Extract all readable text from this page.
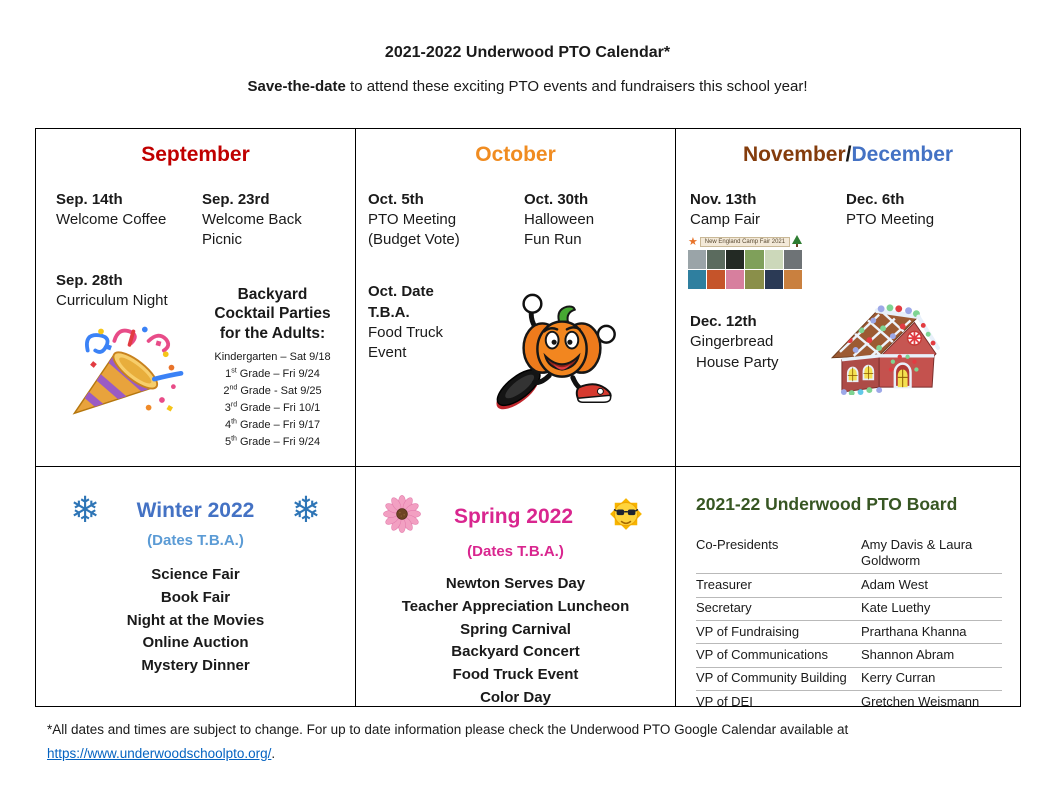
2021-2022 Underwood PTO Calendar*
Save-the-date to attend these exciting PTO events and fundraisers this school year!
September
Sep. 14th
Welcome Coffee
Sep. 28th
Curriculum Night
Sep. 23rd
Welcome Back
Picnic
Backyard
Cocktail Parties
for the Adults:
Kindergarten – Sat 9/18
1st Grade – Fri 9/24
2nd Grade - Sat 9/25
3rd Grade – Fri 10/1
4th Grade – Fri 9/17
5th Grade – Fri 9/24
October
Oct. 5th
PTO Meeting
(Budget Vote)
Oct. Date
T.B.A.
Food Truck
Event
Oct. 30th
Halloween
Fun Run
November/December
Nov. 13th
Camp Fair
★	New England Camp Fair 2021
Dec. 12th
Gingerbread
House Party
Dec. 6th
PTO Meeting
❄ Winter 2022 ❄
(Dates T.B.A.)
Science Fair
Book Fair
Night at the Movies
Online Auction
Mystery Dinner
Spring 2022
(Dates T.B.A.)
Newton Serves Day
Teacher Appreciation Luncheon
Spring Carnival
Backyard Concert
Food Truck Event
Color Day
2021-22 Underwood PTO Board
Co-Presidents	Amy Davis & Laura Goldworm
Treasurer	Adam West
Secretary	Kate Luethy
VP of Fundraising	Prarthana Khanna
VP of Communications	Shannon Abram
VP of Community Building	Kerry Curran
VP of DEI	Gretchen Weismann
*All dates and times are subject to change. For up to date information please check the Underwood PTO Google Calendar available at
https://www.underwoodschoolpto.org/.
